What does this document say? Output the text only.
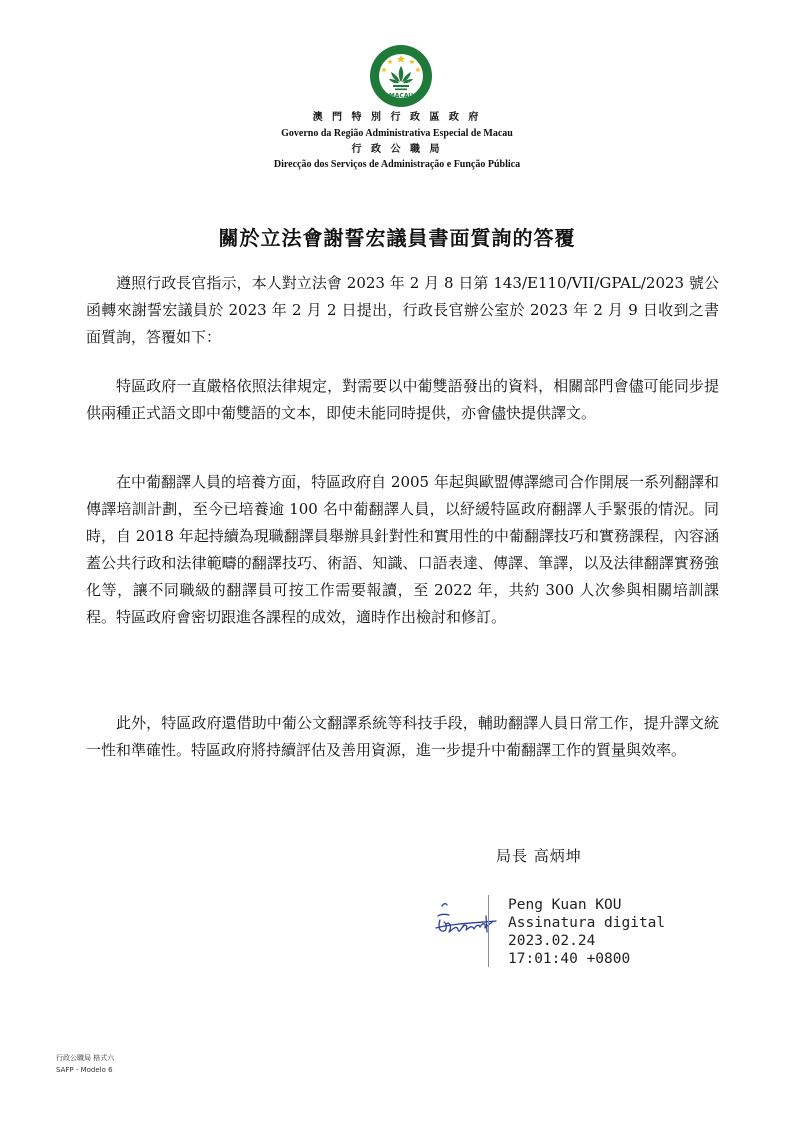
MACAU
澳 門 特 別 行 政 區 政 府
Governo da Região Administrativa Especial de Macau
行 政 公 職 局
Direcção dos Serviços de Administração e Função Pública
關於立法會謝誓宏議員書面質詢的答覆

遵照行政長官指示，本人對立法會 2023 年 2 月 8 日第 143/E110/VII/GPAL/2023 號公函轉來謝誓宏議員於 2023 年 2 月 2 日提出，行政長官辦公室於 2023 年 2 月 9 日收到之書面質詢，答覆如下：

特區政府一直嚴格依照法律規定，對需要以中葡雙語發出的資料，相關部門會儘可能同步提供兩種正式語文即中葡雙語的文本，即使未能同時提供，亦會儘快提供譯文。

在中葡翻譯人員的培養方面，特區政府自 2005 年起與歐盟傳譯總司合作開展一系列翻譯和傳譯培訓計劃，至今已培養逾 100 名中葡翻譯人員，以紓緩特區政府翻譯人手緊張的情況。同時，自 2018 年起持續為現職翻譯員舉辦具針對性和實用性的中葡翻譯技巧和實務課程，內容涵蓋公共行政和法律範疇的翻譯技巧、術語、知識、口語表達、傳譯、筆譯，以及法律翻譯實務強化等，讓不同職級的翻譯員可按工作需要報讀，至 2022 年，共約 300 人次參與相關培訓課程。特區政府會密切跟進各課程的成效，適時作出檢討和修訂。

此外，特區政府還借助中葡公文翻譯系統等科技手段，輔助翻譯人員日常工作，提升譯文統一性和準確性。特區政府將持續評估及善用資源，進一步提升中葡翻譯工作的質量與效率。

局長 高炳坤
Peng Kuan KOU
Assinatura digital
2023.02.24
17:01:40 +0800
行政公職局 格式六
SAFP - Modelo 6
